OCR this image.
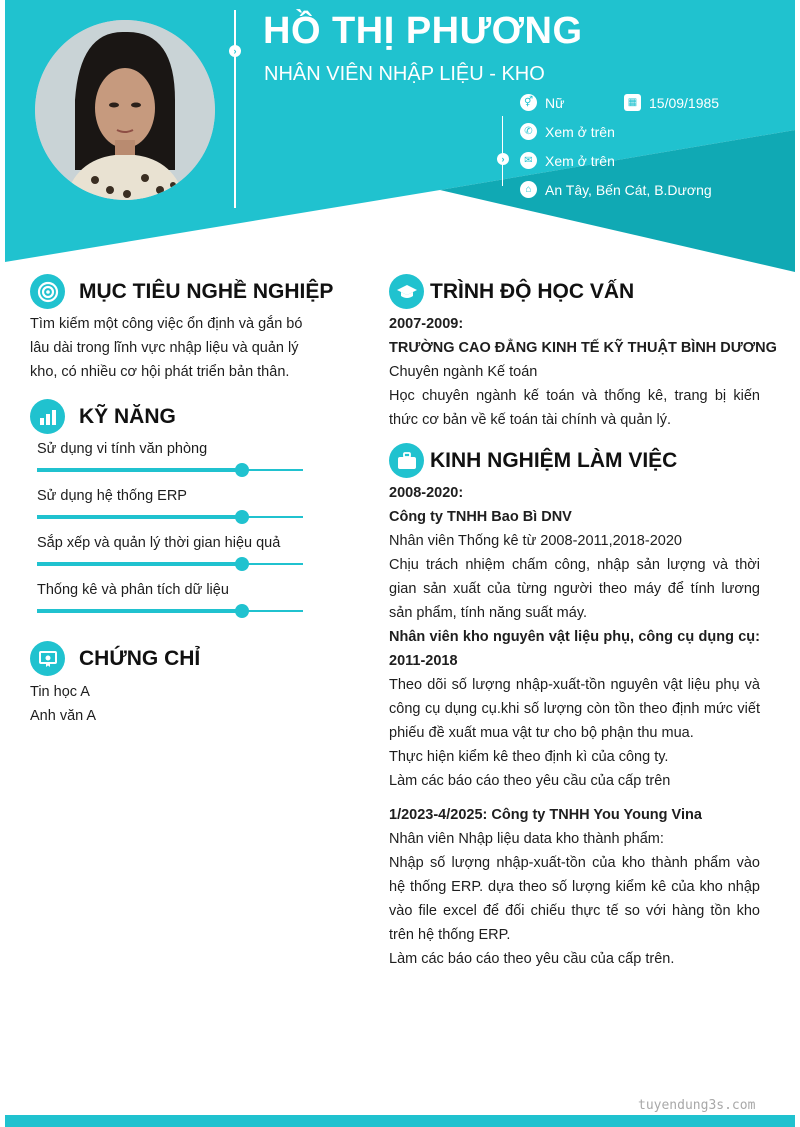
› HỒ THỊ PHƯƠNG
NHÂN VIÊN NHẬP LIỆU - KHO
›
⚥ Nữ	▦ 15/09/1985
✆ Xem ở trên
✉ Xem ở trên
⌂ An Tây, Bến Cát, B.Dương
MỤC TIÊU NGHỀ NGHIỆP
Tìm kiếm một công việc ổn định và gắn bó
lâu dài trong lĩnh vực nhập liệu và quản lý
kho, có nhiều cơ hội phát triển bản thân.
KỸ NĂNG
Sử dụng vi tính văn phòng
Sử dụng hệ thống ERP
Sắp xếp và quản lý thời gian hiệu quả
Thống kê và phân tích dữ liệu
CHỨNG CHỈ
Tin học A
Anh văn A
TRÌNH ĐỘ HỌC VẤN
2007-2009:
TRƯỜNG CAO ĐẲNG KINH TẾ KỸ THUẬT BÌNH DƯƠNG
Chuyên ngành Kế toán
Học chuyên ngành kế toán và thống kê, trang bị kiến thức cơ bản về kế toán tài chính và quản lý.
KINH NGHIỆM LÀM VIỆC
2008-2020:
Công ty TNHH Bao Bì DNV
Nhân viên Thống kê từ 2008-2011,2018-2020
Chịu trách nhiệm chấm công, nhập sản lượng và thời gian sản xuất của từng người theo máy để tính lương sản phẩm, tính năng suất máy.
Nhân viên kho nguyên vật liệu phụ, công cụ dụng cụ: 2011-2018
Theo dõi số lượng nhập-xuất-tồn nguyên vật liệu phụ và công cụ dụng cụ.khi số lượng còn tồn theo định mức viết phiếu đề xuất mua vật tư cho bộ phận thu mua.
Thực hiện kiểm kê theo định kì của công ty.
Làm các báo cáo theo yêu cầu của cấp trên
1/2023-4/2025: Công ty TNHH You Young Vina
Nhân viên Nhập liệu data kho thành phẩm:
Nhập số lượng nhập-xuất-tồn của kho thành phẩm vào hệ thống ERP. dựa theo số lượng kiểm kê của kho nhập vào file excel để đối chiếu thực tế so với hàng tồn kho trên hệ thống ERP.
Làm các báo cáo theo yêu cầu của cấp trên.
tuyendung3s.com
